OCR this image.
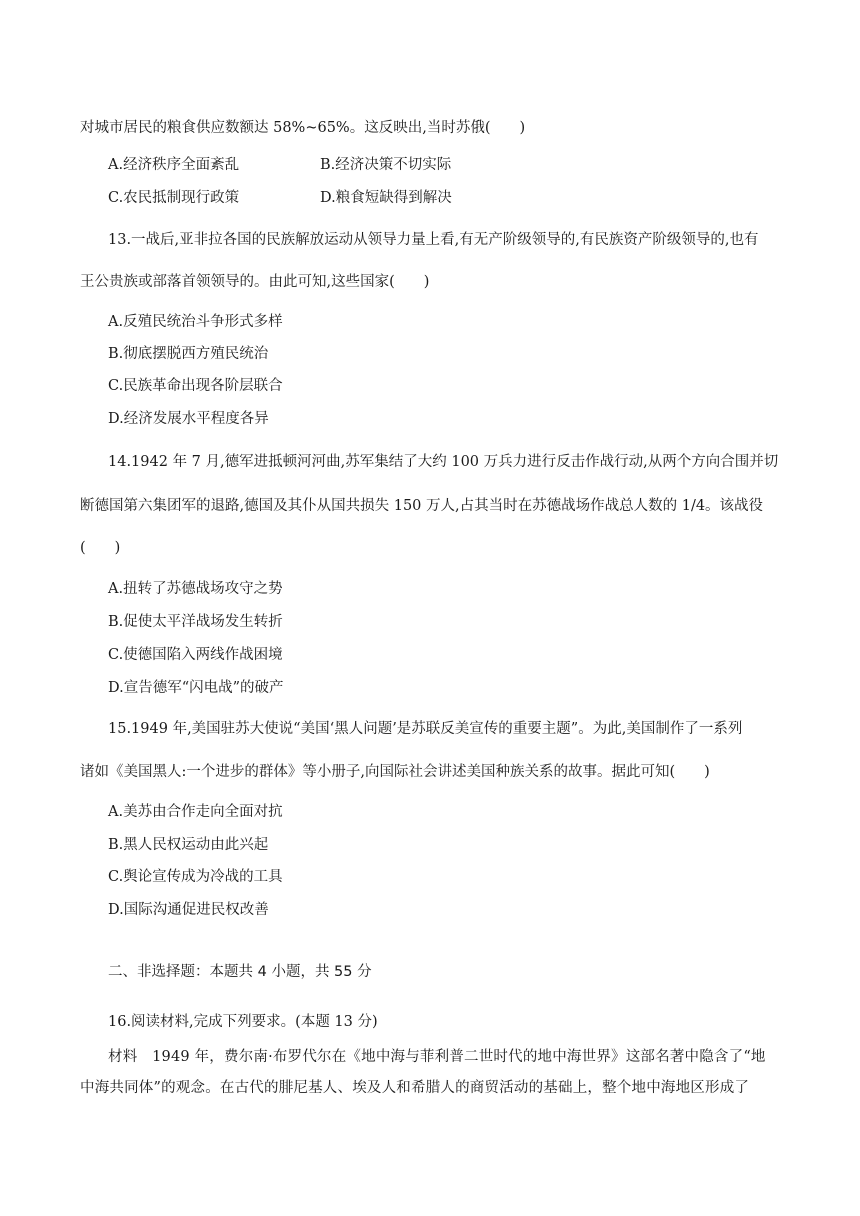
对城市居民的粮食供应数额达 58%~65%。这反映出,当时苏俄(　　)
A.经济秩序全面紊乱	B.经济决策不切实际
C.农民抵制现行政策	D.粮食短缺得到解决
13.一战后,亚非拉各国的民族解放运动从领导力量上看,有无产阶级领导的,有民族资产阶级领导的,也有
王公贵族或部落首领领导的。由此可知,这些国家(　　)
A.反殖民统治斗争形式多样
B.彻底摆脱西方殖民统治
C.民族革命出现各阶层联合
D.经济发展水平程度各异
14.1942 年 7 月,德军进抵顿河河曲,苏军集结了大约 100 万兵力进行反击作战行动,从两个方向合围并切
断德国第六集团军的退路,德国及其仆从国共损失 150 万人,占其当时在苏德战场作战总人数的 1/4。该战役
(　　)
A.扭转了苏德战场攻守之势
B.促使太平洋战场发生转折
C.使德国陷入两线作战困境
D.宣告德军“闪电战”的破产
15.1949 年,美国驻苏大使说“美国‘黑人问题’是苏联反美宣传的重要主题”。为此,美国制作了一系列
诸如《美国黑人:一个进步的群体》等小册子,向国际社会讲述美国种族关系的故事。据此可知(　　)
A.美苏由合作走向全面对抗
B.黑人民权运动由此兴起
C.舆论宣传成为冷战的工具
D.国际沟通促进民权改善
二、非选择题：本题共 4 小题，共 55 分
16.阅读材料,完成下列要求。(本题 13 分)
材料　1949 年，费尔南·布罗代尔在《地中海与菲利普二世时代的地中海世界》这部名著中隐含了“地
中海共同体”的观念。在古代的腓尼基人、埃及人和希腊人的商贸活动的基础上，整个地中海地区形成了
